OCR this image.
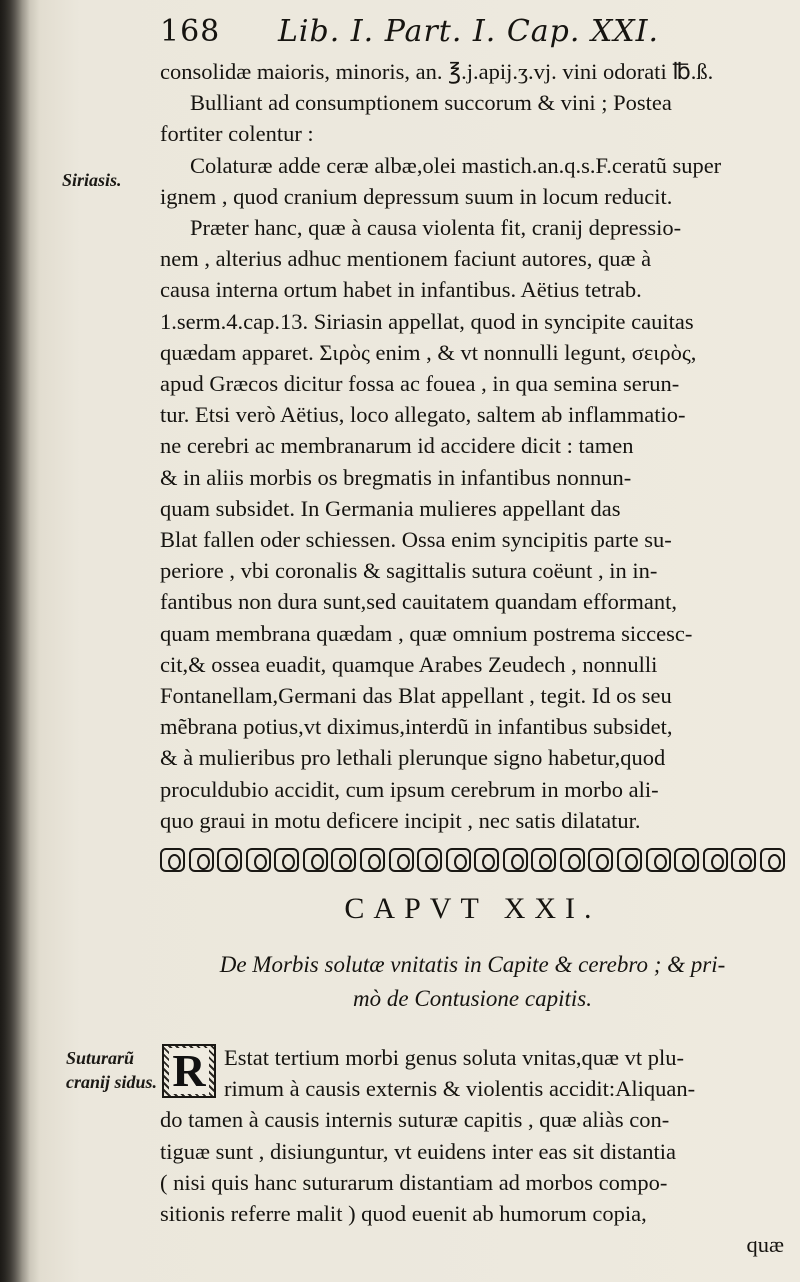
168 Lib. I. Part. I. Cap. XXI.
Siriasis.
Suturarũ cranij sidus.
consolidæ maioris, minoris, an. ℥.j.apij.ʒ.vj. vini odorati ℔.ß.
Bulliant ad consumptionem succorum & vini ; Postea
fortiter colentur :
Colaturæ adde ceræ albæ,olei mastich.an.q.s.F.ceratũ super
ignem , quod cranium depressum suum in locum reducit.
Præter hanc, quæ à causa violenta fit, cranij depressio-
nem , alterius adhuc mentionem faciunt autores, quæ à
causa interna ortum habet in infantibus. Aëtius tetrab.
1.serm.4.cap.13. Siriasin appellat, quod in syncipite cauitas
quædam apparet. Σιρὸς enim , & vt nonnulli legunt, σειρὸς,
apud Græcos dicitur fossa ac fouea , in qua semina serun-
tur. Etsi verò Aëtius, loco allegato, saltem ab inflammatio-
ne cerebri ac membranarum id accidere dicit : tamen
& in aliis morbis os bregmatis in infantibus nonnun-
quam subsidet. In Germania mulieres appellant das
Blat fallen oder schiessen. Ossa enim syncipitis parte su-
periore , vbi coronalis & sagittalis sutura coëunt , in in-
fantibus non dura sunt,sed cauitatem quandam efformant,
quam membrana quædam , quæ omnium postrema siccesc-
cit,& ossea euadit, quamque Arabes Zeudech , nonnulli
Fontanellam,Germani das Blat appellant , tegit. Id os seu
mẽbrana potius,vt diximus,interdũ in infantibus subsidet,
& à mulieribus pro lethali plerunque signo habetur,quod
proculdubio accidit, cum ipsum cerebrum in morbo ali-
quo graui in motu deficere incipit , nec satis dilatatur.
CAPVT XXI.
De Morbis solutæ vnitatis in Capite & cerebro ; & pri-
mò de Contusione capitis.
R Estat tertium morbi genus soluta vnitas,quæ vt plu-
rimum à causis externis & violentis accidit:Aliquan-
do tamen à causis internis suturæ capitis , quæ aliàs con-
tiguæ sunt , disiunguntur, vt euidens inter eas sit distantia
( nisi quis hanc suturarum distantiam ad morbos compo-
sitionis referre malit ) quod euenit ab humorum copia,
quæ
